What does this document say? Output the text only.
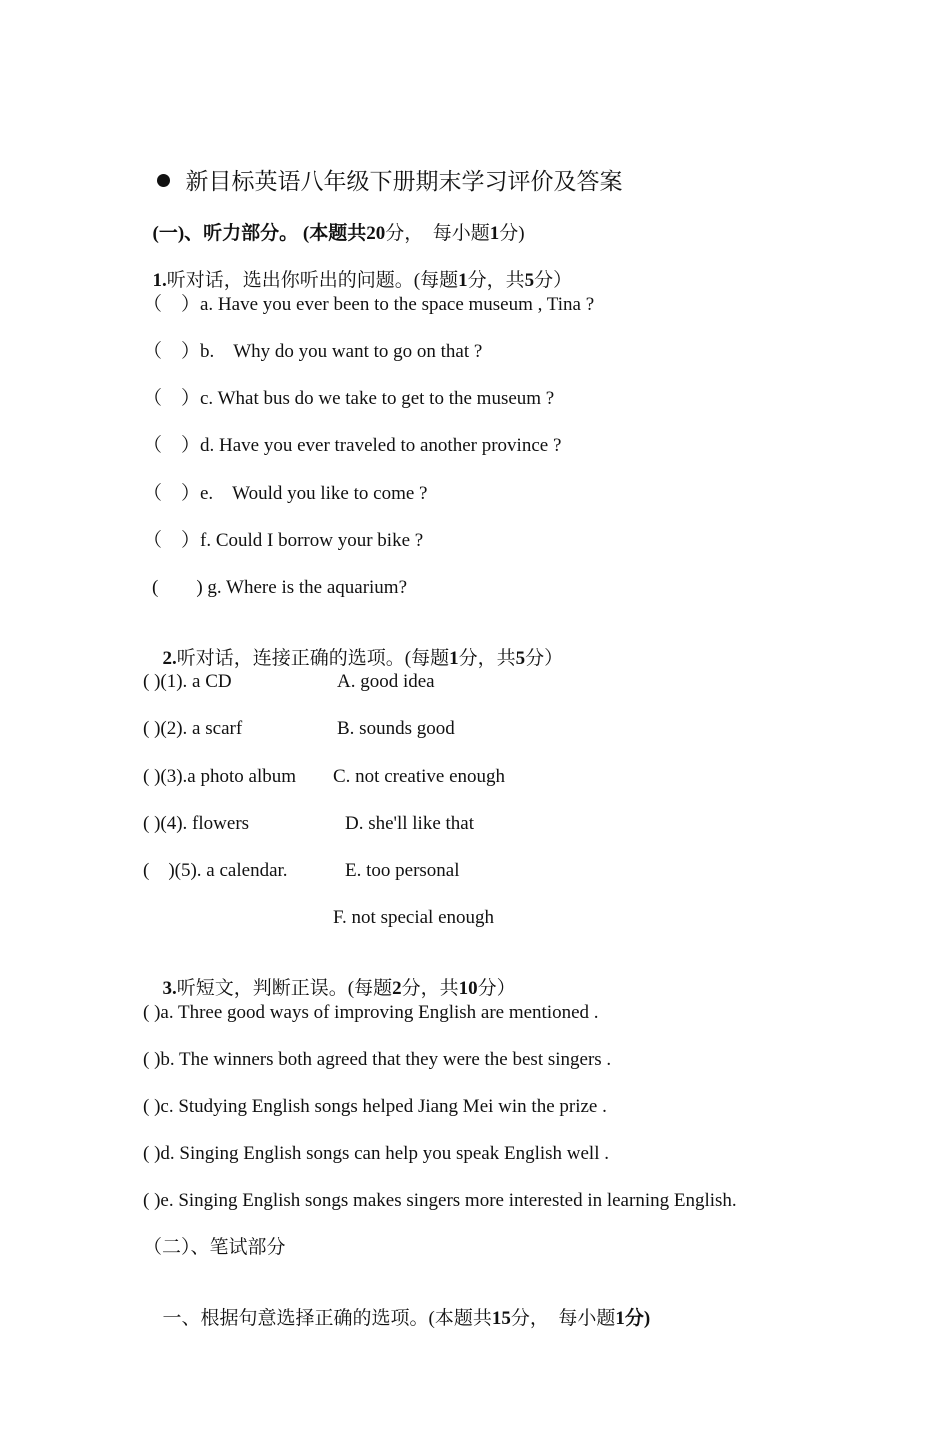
新目标英语八年级下册期末学习评价及答案

(一)、听力部分。 (本题共20分，　每小题1分)

1.听对话，选出你听出的问题。(每题1分，共5分）

（　）a. Have you ever been to the space museum , Tina ?
（　）b.　Why do you want to go on that ?
（　）c. What bus do we take to get to the museum ?
（　）d. Have you ever traveled to another province ?
（　）e.　Would you like to come ?
（　）f. Could I borrow your bike ?
(　　) g. Where is the aquarium?

2.听对话，连接正确的选项。(每题1分，共5分）

( )(1). a CD	A. good idea
( )(2). a scarf	B. sounds good
( )(3).a photo album C. not creative enough
( )(4). flowers	D. she'll like that
(　)(5). a calendar.	E. too personal
F. not special enough

3.听短文，判断正误。(每题2分，共10分）

( )a. Three good ways of improving English are mentioned .
( )b. The winners both agreed that they were the best singers .
( )c. Studying English songs helped Jiang Mei win the prize .
( )d. Singing English songs can help you speak English well .
( )e. Singing English songs makes singers more interested in learning English.
（二）、笔试部分

一、根据句意选择正确的选项。(本题共15分，　每小题1分)
